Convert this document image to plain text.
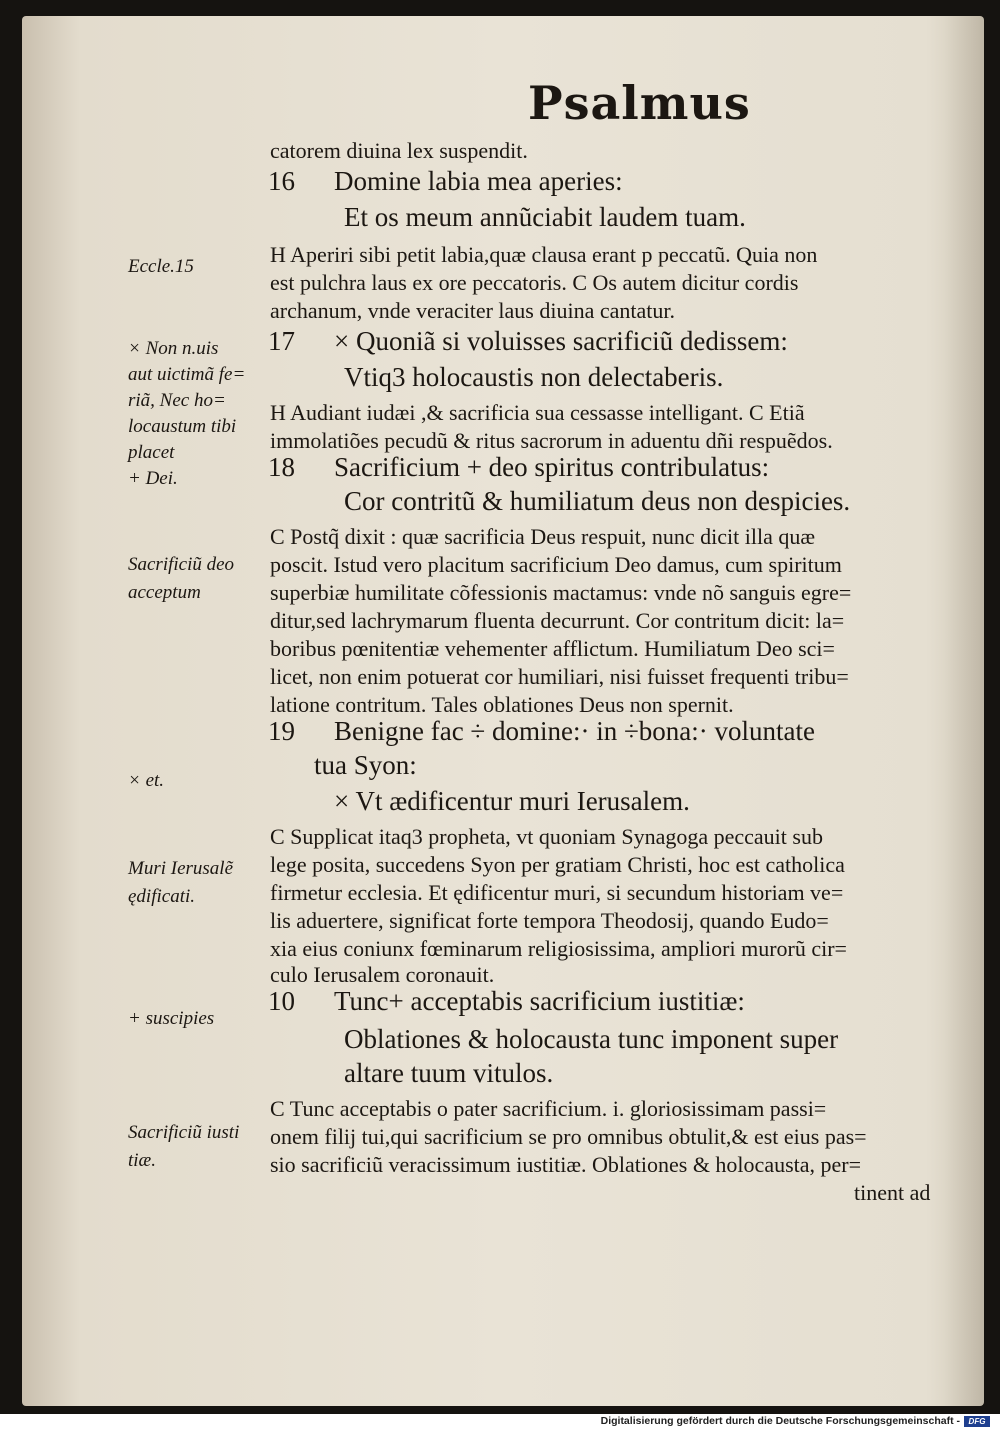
Psalmus
catorem diuina lex suspendit.
16 Domine labia mea aperies:
Et os meum annũciabit laudem tuam.
H Aperiri sibi petit labia,quæ clausa erant p peccatũ. Quia non
est pulchra laus ex ore peccatoris. C Os autem dicitur cordis
archanum, vnde veraciter laus diuina cantatur.
17 × Quoniã si voluisses sacrificiũ dedissem:
Vtiq3 holocaustis non delectaberis.
H Audiant iudæi ,& sacrificia sua cessasse intelligant. C Etiã
immolatiões pecudũ & ritus sacrorum in aduentu dñi respuẽdos.
18 Sacrificium + deo spiritus contribulatus:
Cor contritũ & humiliatum deus non despicies.
C Postq̃ dixit : quæ sacrificia Deus respuit, nunc dicit illa quæ
poscit. Istud vero placitum sacrificium Deo damus, cum spiritum
superbiæ humilitate cõfessionis mactamus: vnde nõ sanguis egre=
ditur,sed lachrymarum fluenta decurrunt. Cor contritum dicit: la=
boribus pœnitentiæ vehementer afflictum. Humiliatum Deo sci=
licet, non enim potuerat cor humiliari, nisi fuisset frequenti tribu=
latione contritum. Tales oblationes Deus non spernit.
19 Benigne fac ÷ domine:· in ÷bona:· voluntate
tua Syon:
× Vt ædificentur muri Ierusalem.
C Supplicat itaq3 propheta, vt quoniam Synagoga peccauit sub
lege posita, succedens Syon per gratiam Christi, hoc est catholica
firmetur ecclesia. Et ędificentur muri, si secundum historiam ve=
lis aduertere, significat forte tempora Theodosij, quando Eudo=
xia eius coniunx fœminarum religiosissima, ampliori murorũ cir=
culo Ierusalem coronauit.
10 Tunc+ acceptabis sacrificium iustitiæ:
Oblationes & holocausta tunc imponent super
altare tuum vitulos.
C Tunc acceptabis o pater sacrificium. i. gloriosissimam passi=
onem filij tui,qui sacrificium se pro omnibus obtulit,& est eius pas=
sio sacrificiũ veracissimum iustitiæ. Oblationes & holocausta, per=
tinent ad
Eccle.15
× Non n.uis
aut uictimã fe=
riã, Nec ho=
locaustum tibi
placet
+ Dei.
Sacrificiũ deo
acceptum
× et.
Muri Ierusalẽ
ędificati.
+ suscipies
Sacrificiũ iusti
tiæ.
Digitalisierung gefördert durch die Deutsche Forschungsgemeinschaft -	DFG
